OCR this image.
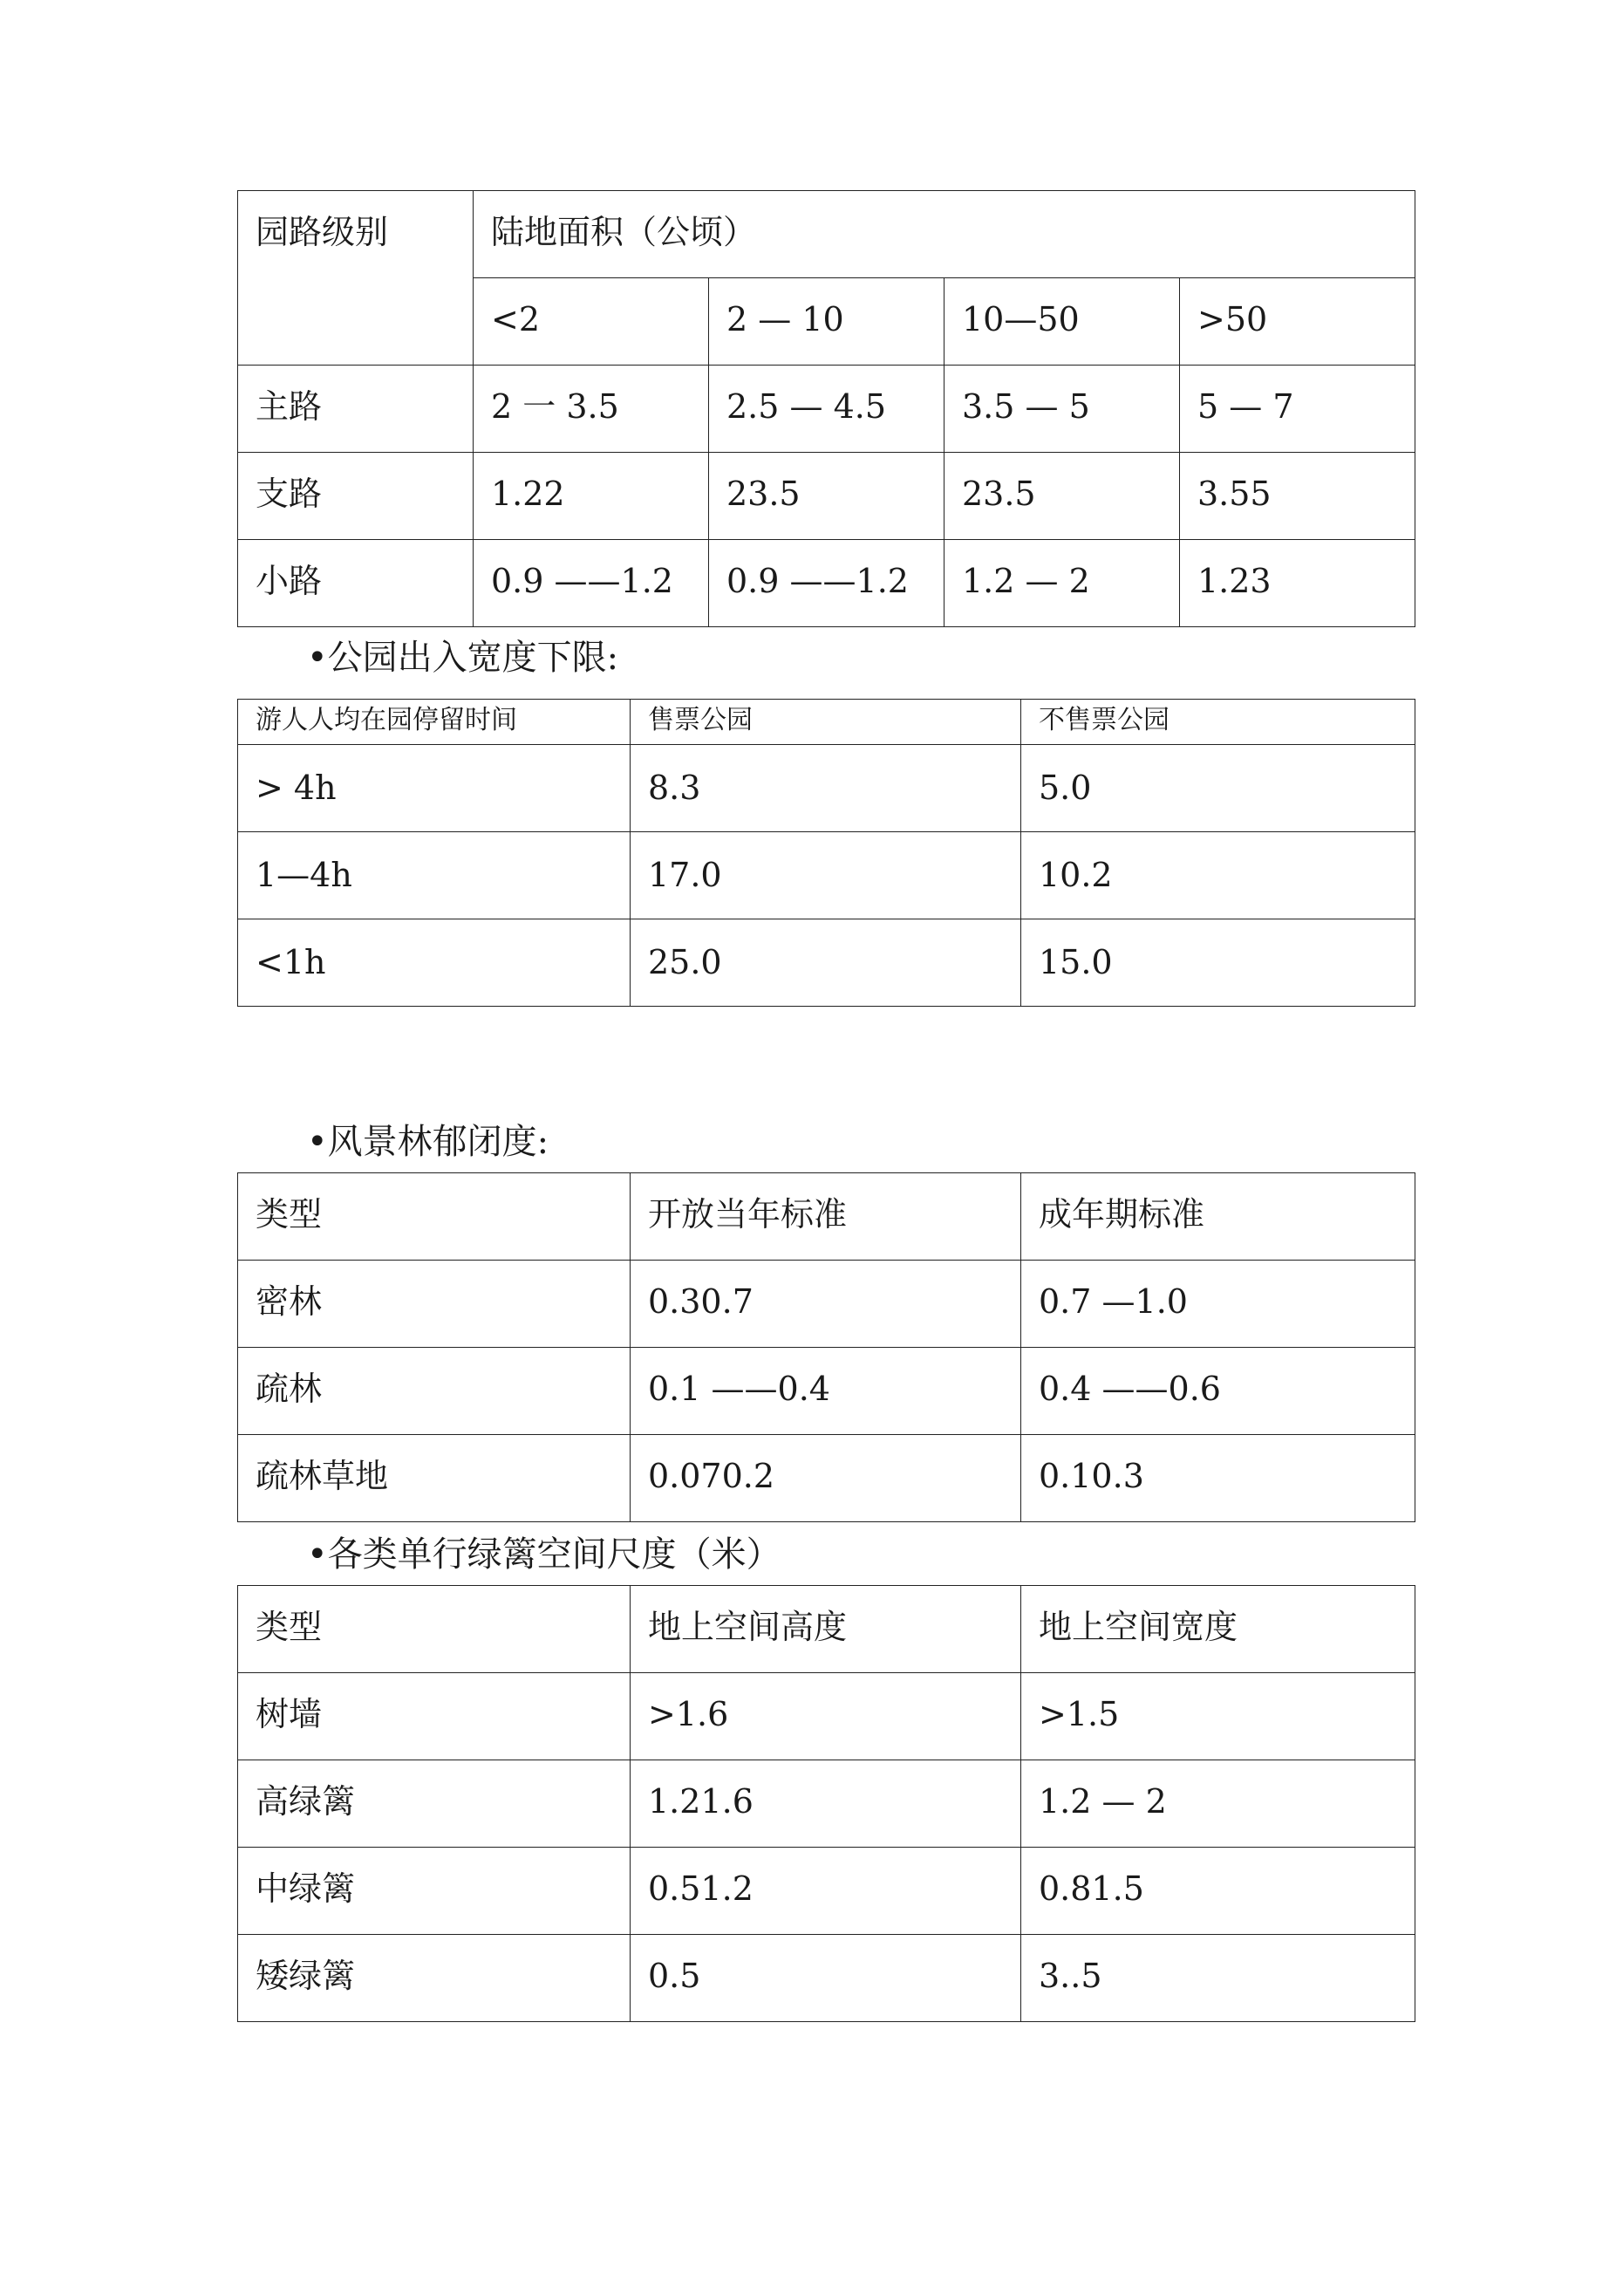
园路级别	陆地面积（公顷）			
	<2	2 — 10	10—50	>50
主路	2 一 3.5	2.5 — 4.5	3.5 — 5	5 — 7
支路	1.22	23.5	23.5	3.55
小路	0.9 ——1.2	0.9 ——1.2	1.2 — 2	1.23
•公园出入宽度下限:
游人人均在园停留时间	售票公园	不售票公园
> 4h	8.3	5.0
1—4h	17.0	10.2
<1h	25.0	15.0
•风景林郁闭度:
类型	开放当年标准	成年期标准
密林	0.30.7	0.7 —1.0
疏林	0.1 ——0.4	0.4 ——0.6
疏林草地	0.070.2	0.10.3
•各类单行绿篱空间尺度（米）
类型	地上空间高度	地上空间宽度
树墙	>1.6	>1.5
高绿篱	1.21.6	1.2 — 2
中绿篱	0.51.2	0.81.5
矮绿篱	0.5	3..5
